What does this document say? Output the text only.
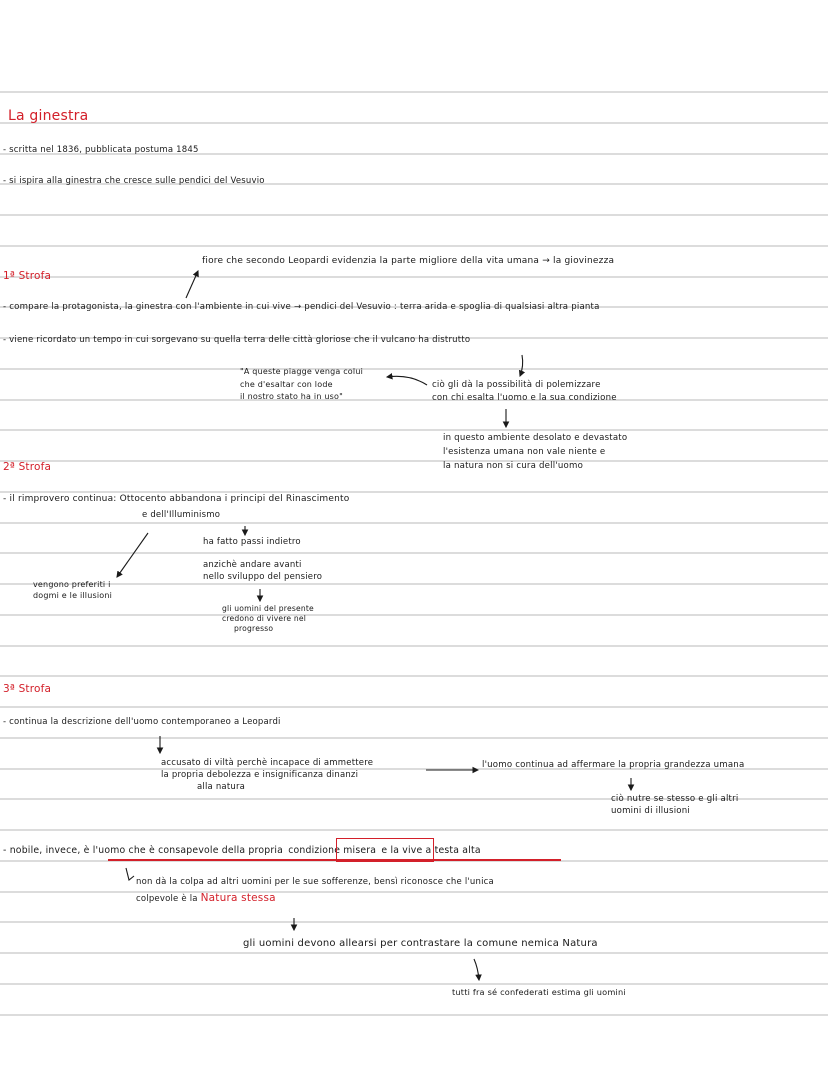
La ginestra
- scritta nel 1836, pubblicata postuma 1845
- si ispira alla ginestra che cresce sulle pendici del Vesuvio
1ª Strofa
fiore che secondo Leopardi evidenzia la parte migliore della vita umana → la giovinezza
- compare la protagonista, la ginestra con l'ambiente in cui vive → pendici del Vesuvio : terra arida e spoglia di qualsiasi altra pianta
- viene ricordato un tempo in cui sorgevano su quella terra delle città gloriose che il vulcano ha distrutto
"A queste piagge venga colui
che d'esaltar con lode
il nostro stato ha in uso"
ciò gli dà la possibilità di polemizzare
con chi esalta l'uomo e la sua condizione
in questo ambiente desolato e devastato
l'esistenza umana non vale niente e
la natura non si cura dell'uomo
2ª Strofa
- il rimprovero continua: Ottocento abbandona i principi del Rinascimento
e dell'Illuminismo
vengono preferiti i
dogmi e le illusioni
ha fatto passi indietro
anzichè andare avanti
nello sviluppo del pensiero
gli uomini del presente
credono di vivere nel
progresso
3ª Strofa
- continua la descrizione dell'uomo contemporaneo a Leopardi
accusato di viltà perchè incapace di ammettere
la propria debolezza e insignificanza dinanzi
alla natura
l'uomo continua ad affermare la propria grandezza umana
ciò nutre se stesso e gli altri
uomini di illusioni
- nobile, invece, è l'uomo che è consapevole della propria condizione misera e la vive a testa alta
non dà la colpa ad altri uomini per le sue sofferenze, bensì riconosce che l'unica
colpevole è la Natura stessa
gli uomini devono allearsi per contrastare la comune nemica Natura
tutti fra sé confederati estima gli uomini
